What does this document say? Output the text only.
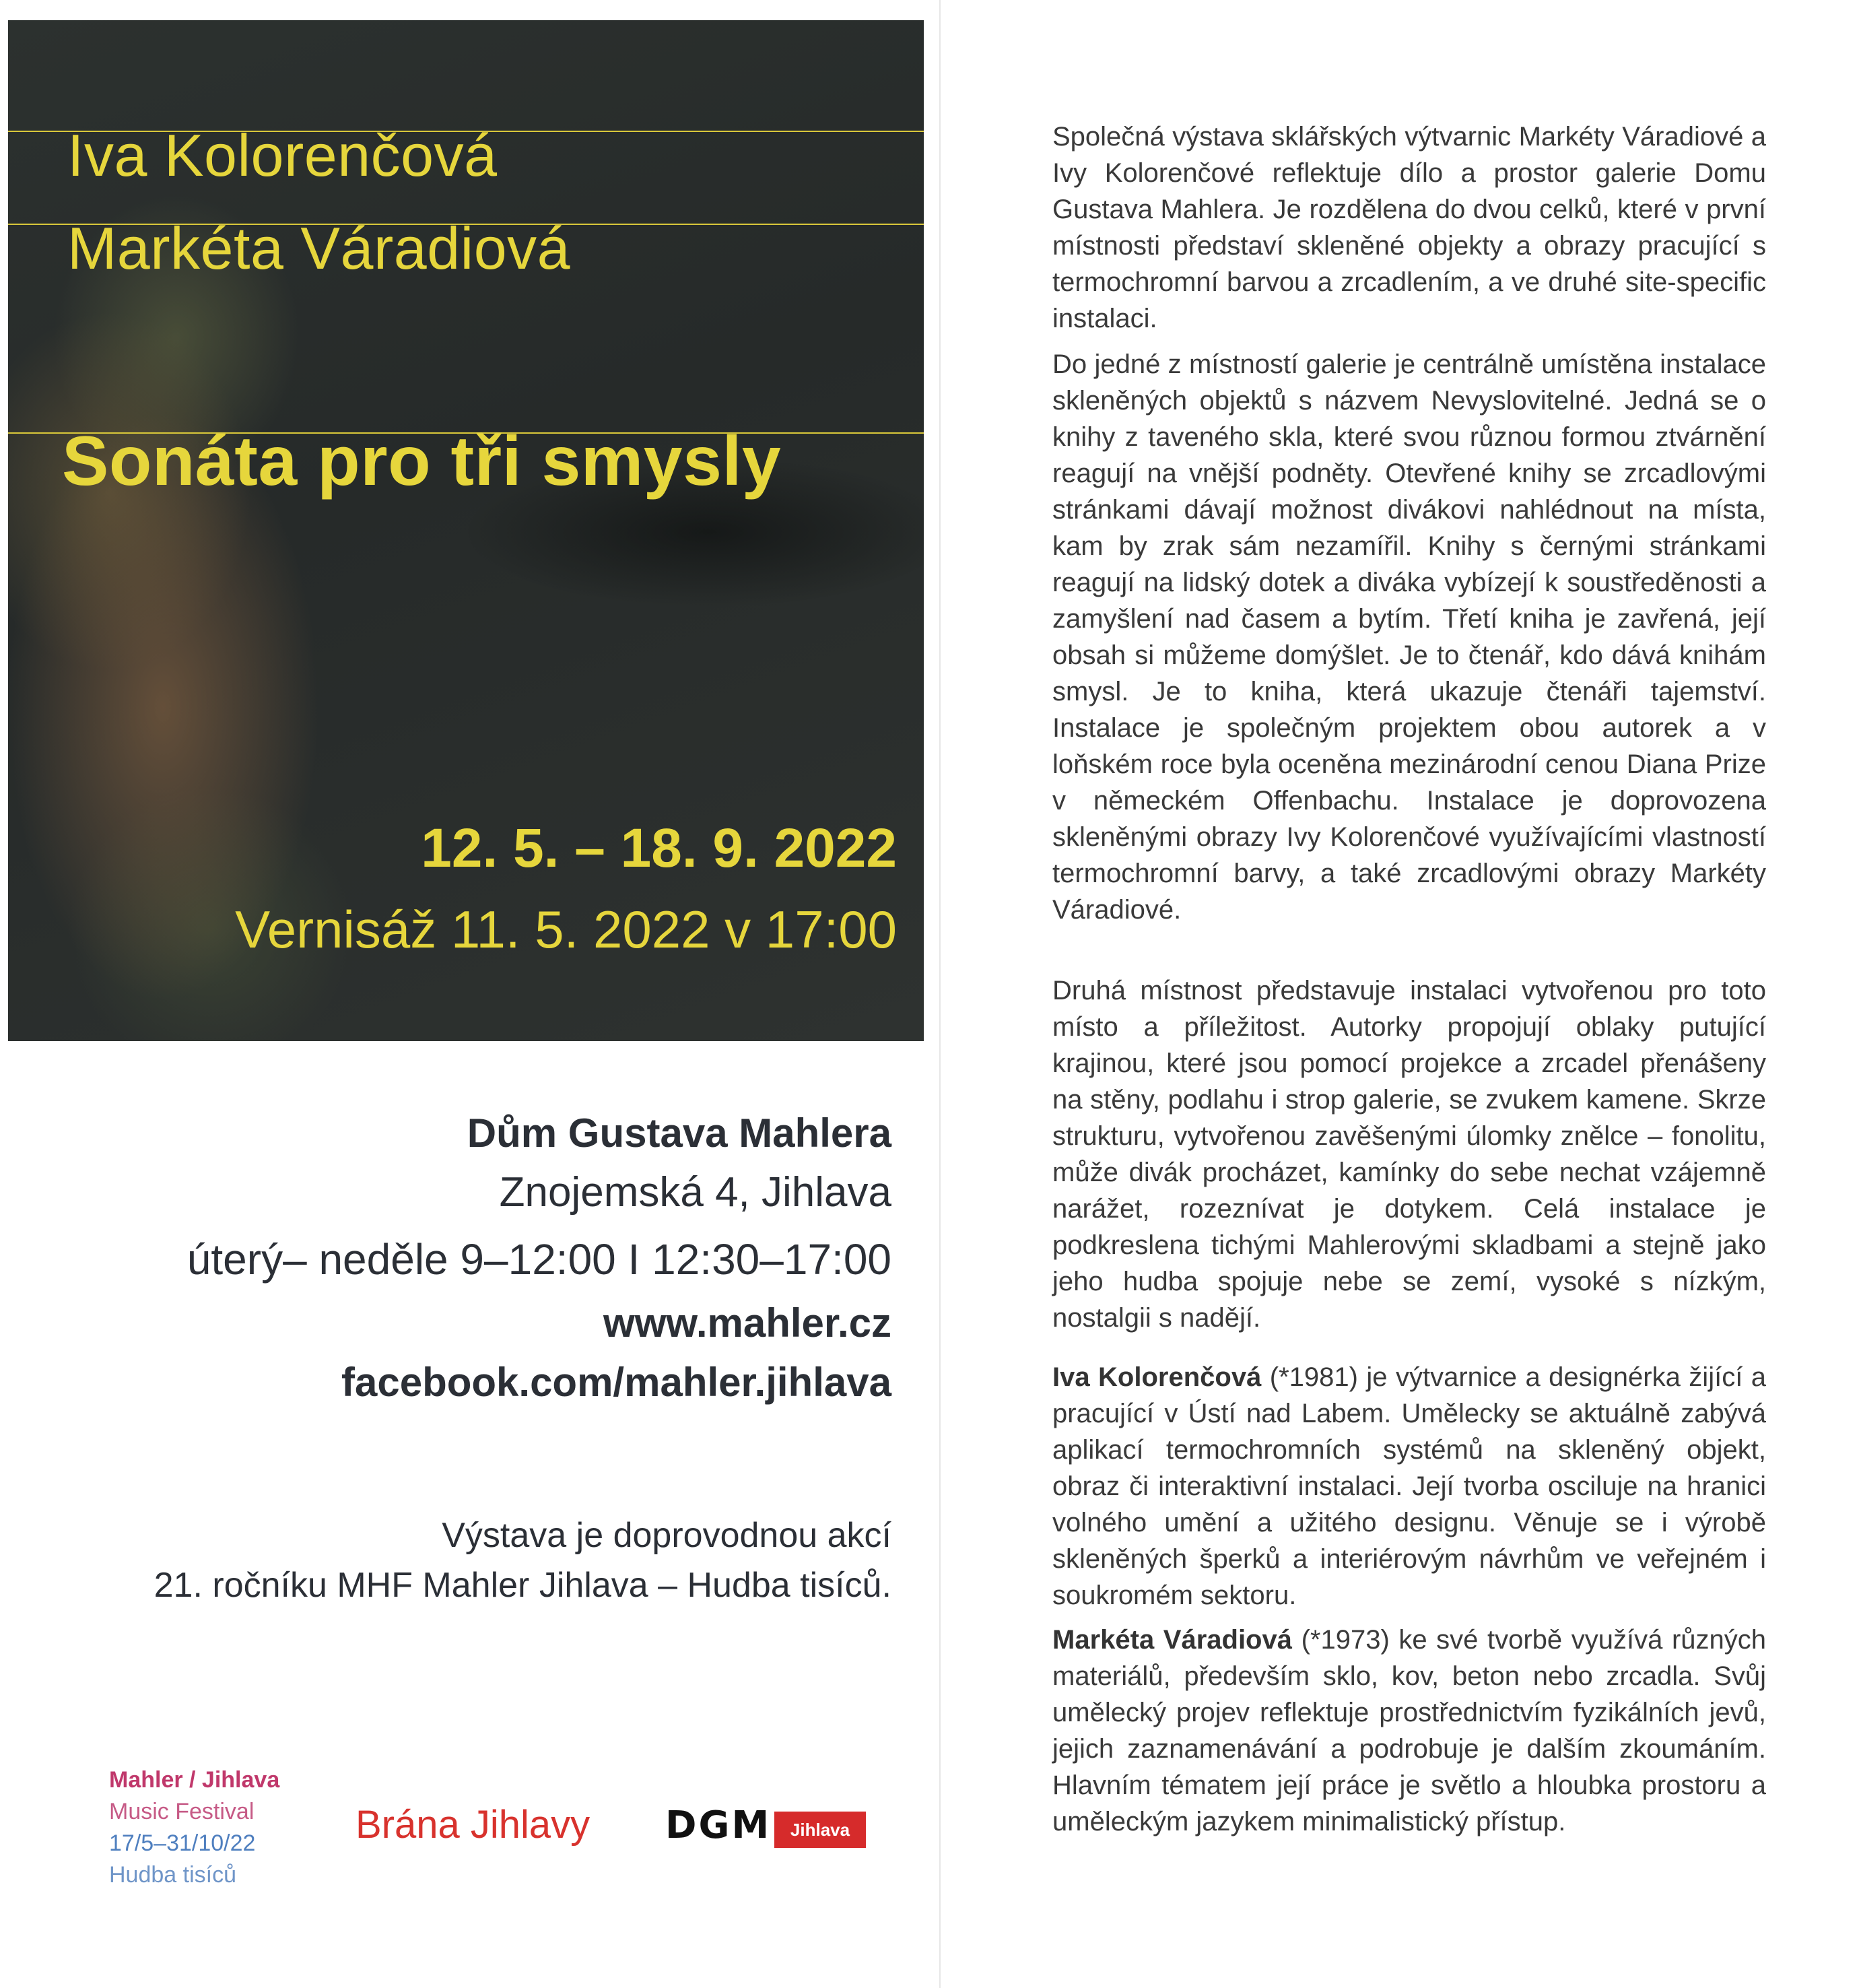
Iva Kolorenčová
Markéta Váradiová
Sonáta pro tři smysly
12. 5. – 18. 9. 2022
Vernisáž 11. 5. 2022 v 17:00
Dům Gustava Mahlera
Znojemská 4, Jihlava
úterý– neděle 9–12:00 I 12:30–17:00
www.mahler.cz
facebook.com/mahler.jihlava
Výstava je doprovodnou akcí
21. ročníku MHF Mahler Jihlava – Hudba tisíců.
Mahler / Jihlava
Music Festival
17/5–31/10/22
Hudba tisíců
Brána Jihlavy DGM	Jihlava

Společná výstava sklářských výtvarnic Markéty Váradiové a Ivy Kolorenčové reflektuje dílo a prostor galerie Domu Gustava Mahlera. Je rozdělena do dvou celků, které v první místnosti představí skleněné objekty a obrazy pracující s termochromní barvou a zrcadlením, a ve druhé site-specific instalaci.

Do jedné z místností galerie je centrálně umístěna instalace skleněných objektů s názvem Nevyslovitelné. Jedná se o knihy z taveného skla, které svou různou formou ztvárnění reagují na vnější podněty. Otevřené knihy se zrcadlovými stránkami dávají možnost divákovi nahlédnout na místa, kam by zrak sám nezamířil. Knihy s černými stránkami reagují na lidský dotek a diváka vybízejí k soustředěnosti a zamyšlení nad časem a bytím. Třetí kniha je zavřená, její obsah si můžeme domýšlet. Je to čtenář, kdo dává knihám smysl. Je to kniha, která ukazuje čtenáři tajemství. Instalace je společným projektem obou autorek a v loňském roce byla oceněna mezinárodní cenou Diana Prize v německém Offenbachu. Instalace je doprovozena skleněnými obrazy Ivy Kolorenčové využívajícími vlastností termochromní barvy, a také zrcadlovými obrazy Markéty Váradiové.

Druhá místnost představuje instalaci vytvořenou pro toto místo a příležitost. Autorky propojují oblaky putující krajinou, které jsou pomocí projekce a zrcadel přenášeny na stěny, podlahu i strop galerie, se zvukem kamene. Skrze strukturu, vytvořenou zavěšenými úlomky znělce – fonolitu, může divák procházet, kamínky do sebe nechat vzájemně narážet, rozeznívat je dotykem. Celá instalace je podkreslena tichými Mahlerovými skladbami a stejně jako jeho hudba spojuje nebe se zemí, vysoké s nízkým, nostalgii s nadějí.

Iva Kolorenčová (*1981) je výtvarnice a designérka žijící a pracující v Ústí nad Labem. Umělecky se aktuálně zabývá aplikací termochromních systémů na skleněný objekt, obraz či interaktivní instalaci. Její tvorba osciluje na hranici volného umění a užitého designu. Věnuje se i výrobě skleněných šperků a interiérovým návrhům ve veřejném i soukromém sektoru.

Markéta Váradiová (*1973) ke své tvorbě využívá různých materiálů, především sklo, kov, beton nebo zrcadla. Svůj umělecký projev reflektuje prostřednictvím fyzikálních jevů, jejich zaznamenávání a podrobuje je dalším zkoumáním. Hlavním tématem její práce je světlo a hloubka prostoru a uměleckým jazykem minimalistický přístup.
